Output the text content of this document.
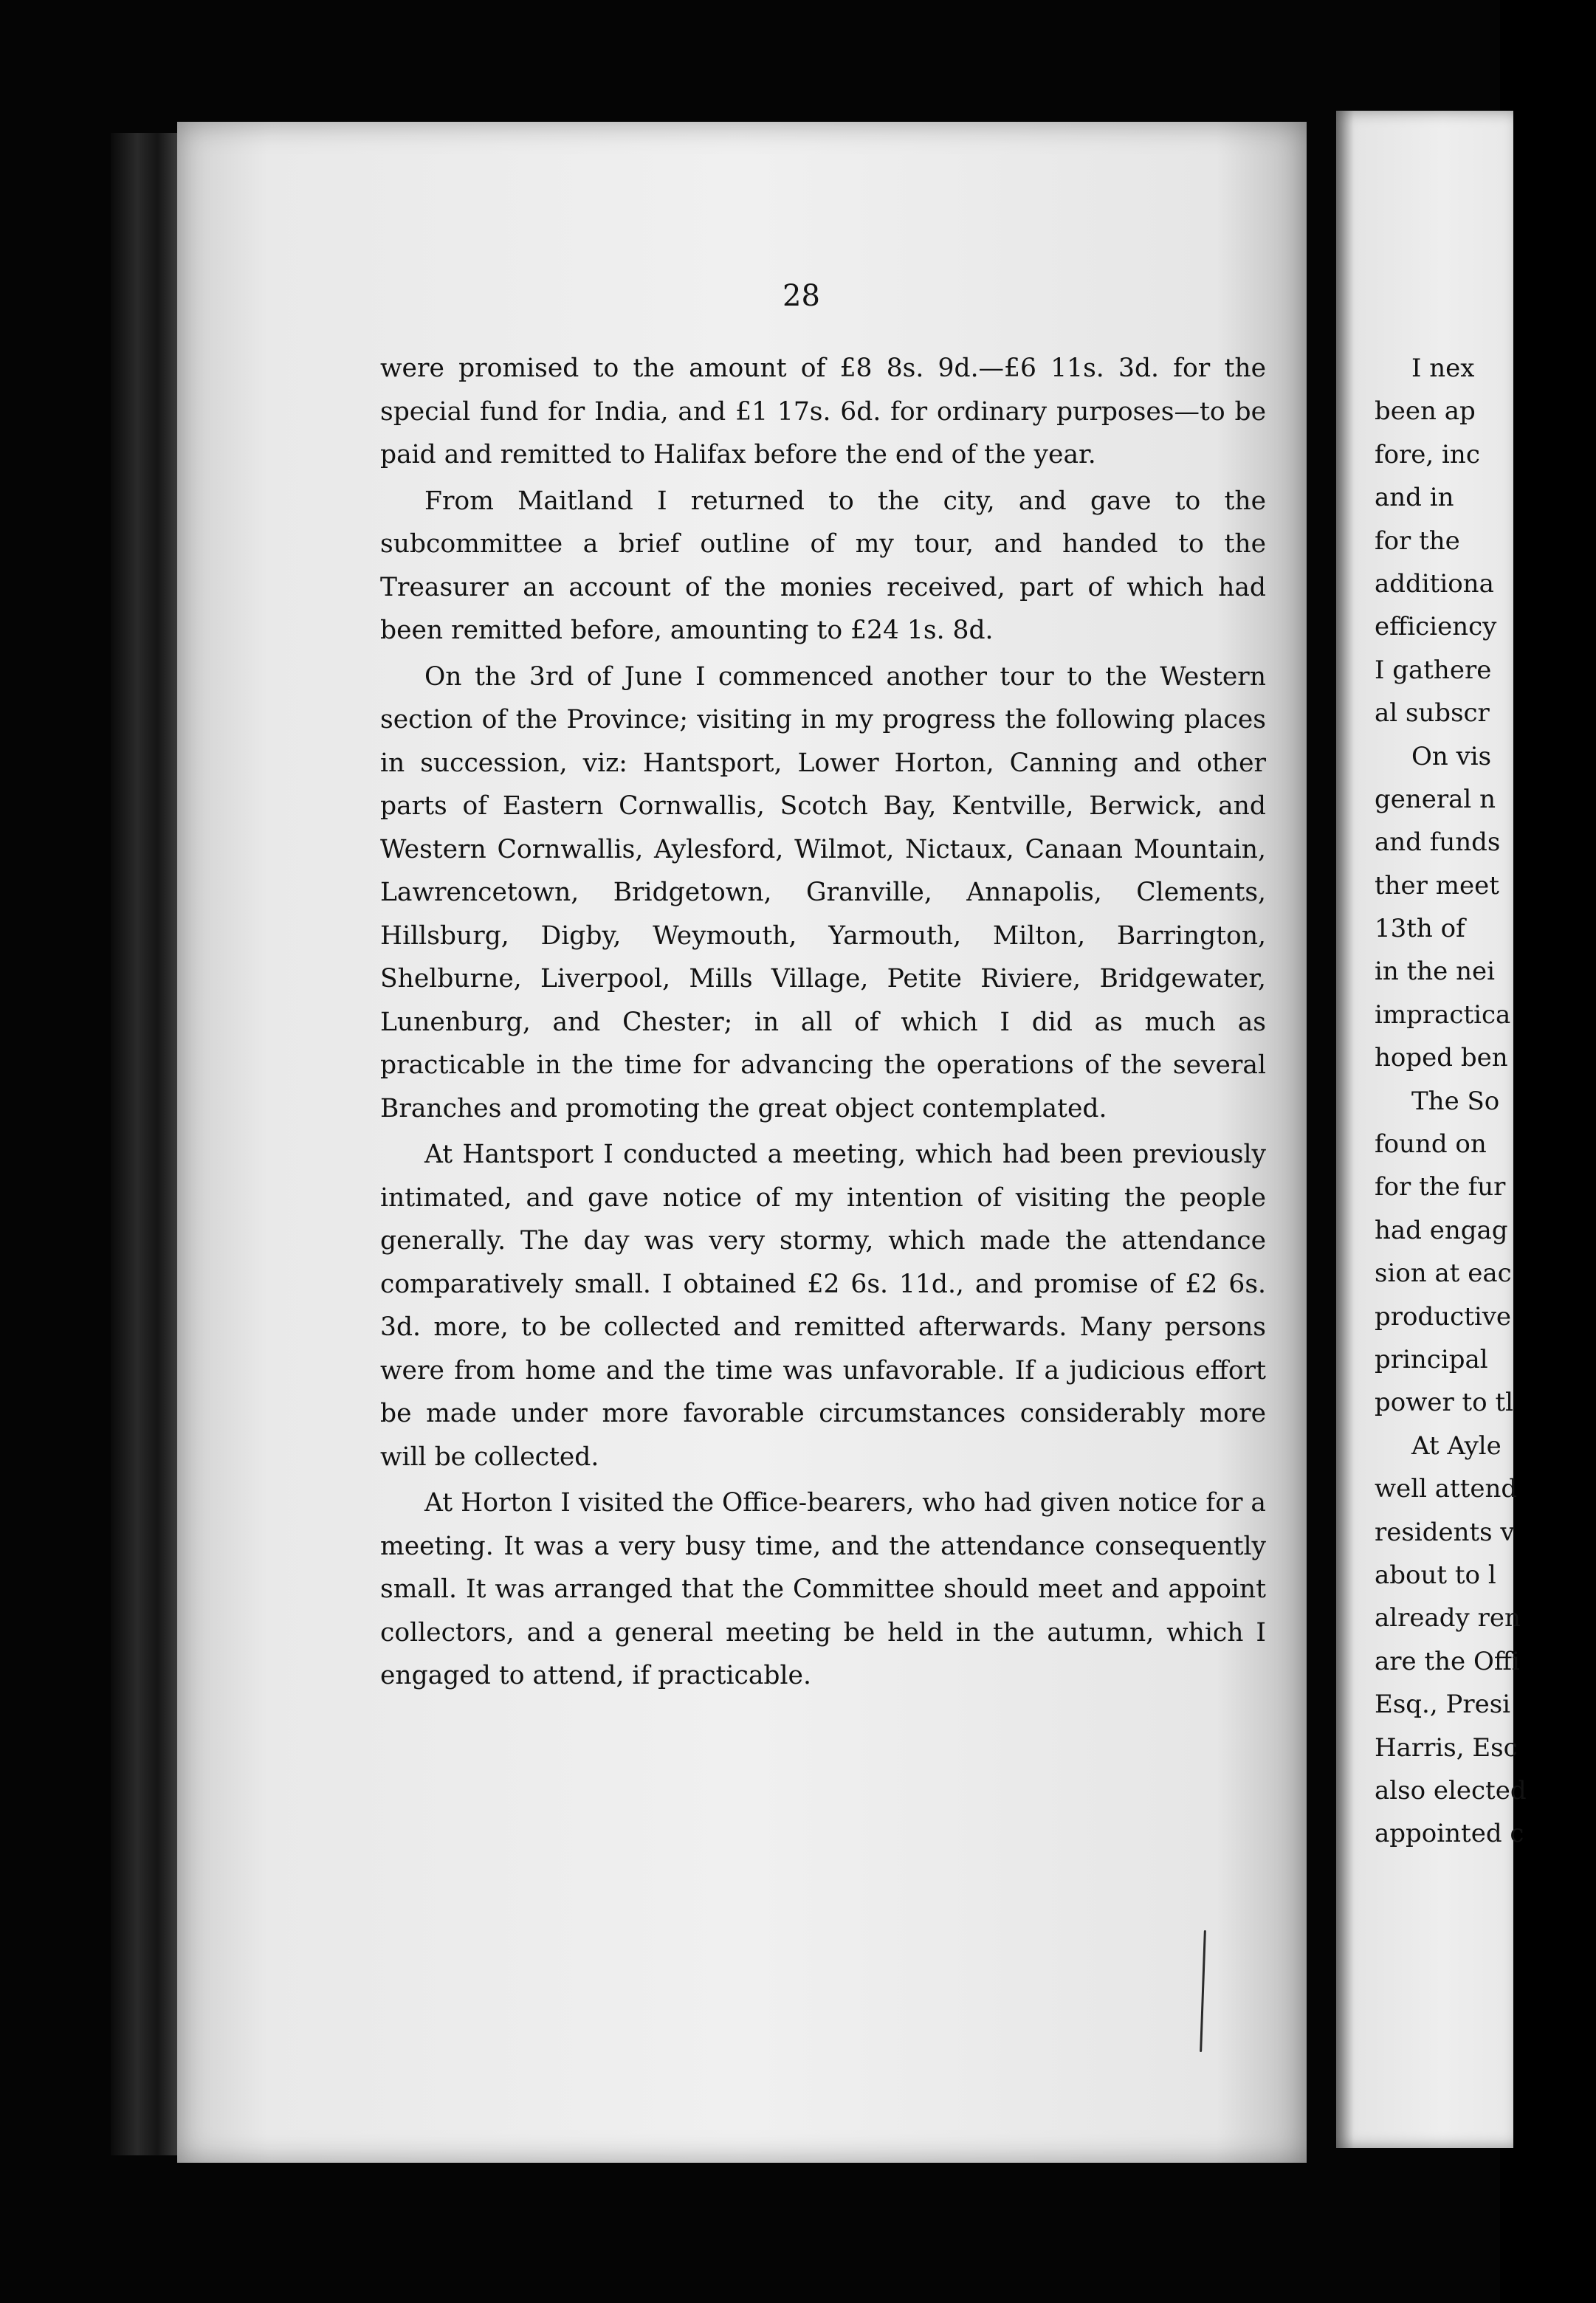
28

were promised to the amount of £8 8s. 9d.—£6 11s. 3d. for the special fund for India, and £1 17s. 6d. for ordinary purposes—to be paid and remitted to Halifax before the end of the year.

From Maitland I returned to the city, and gave to the subcommittee a brief outline of my tour, and handed to the Treasurer an account of the monies received, part of which had been remitted before, amounting to £24 1s. 8d.

On the 3rd of June I commenced another tour to the Western section of the Province; visiting in my progress the following places in succession, viz: Hantsport, Lower Horton, Canning and other parts of Eastern Cornwallis, Scotch Bay, Kentville, Berwick, and Western Cornwallis, Aylesford, Wilmot, Nictaux, Canaan Mountain, Lawrencetown, Bridgetown, Granville, Annapolis, Clements, Hillsburg, Digby, Weymouth, Yarmouth, Milton, Barrington, Shelburne, Liverpool, Mills Village, Petite Riviere, Bridgewater, Lunenburg, and Chester; in all of which I did as much as practicable in the time for advancing the operations of the several Branches and promoting the great object contemplated.

At Hantsport I conducted a meeting, which had been previously intimated, and gave notice of my intention of visiting the people generally. The day was very stormy, which made the attendance comparatively small. I obtained £2 6s. 11d., and promise of £2 6s. 3d. more, to be collected and remitted afterwards. Many persons were from home and the time was unfavorable. If a judicious effort be made under more favorable circumstances considerably more will be collected.

At Horton I visited the Office-bearers, who had given notice for a meeting. It was a very busy time, and the attendance consequently small. It was arranged that the Committee should meet and appoint collectors, and a general meeting be held in the autumn, which I engaged to attend, if practicable.

I nex
been ap
fore, inc
and in
for the
additiona
efficiency
I gathere
al subscr
On vis
general n
and funds
ther meet
13th of
in the nei
impractica
hoped ben
The So
found on
for the fur
had engag
sion at eac
productive
principal
power to tl
At Ayle
well attend
residents v
about to l
already ren
are the Offi
Esq., Presi
Harris, Esc
also elected
appointed c
